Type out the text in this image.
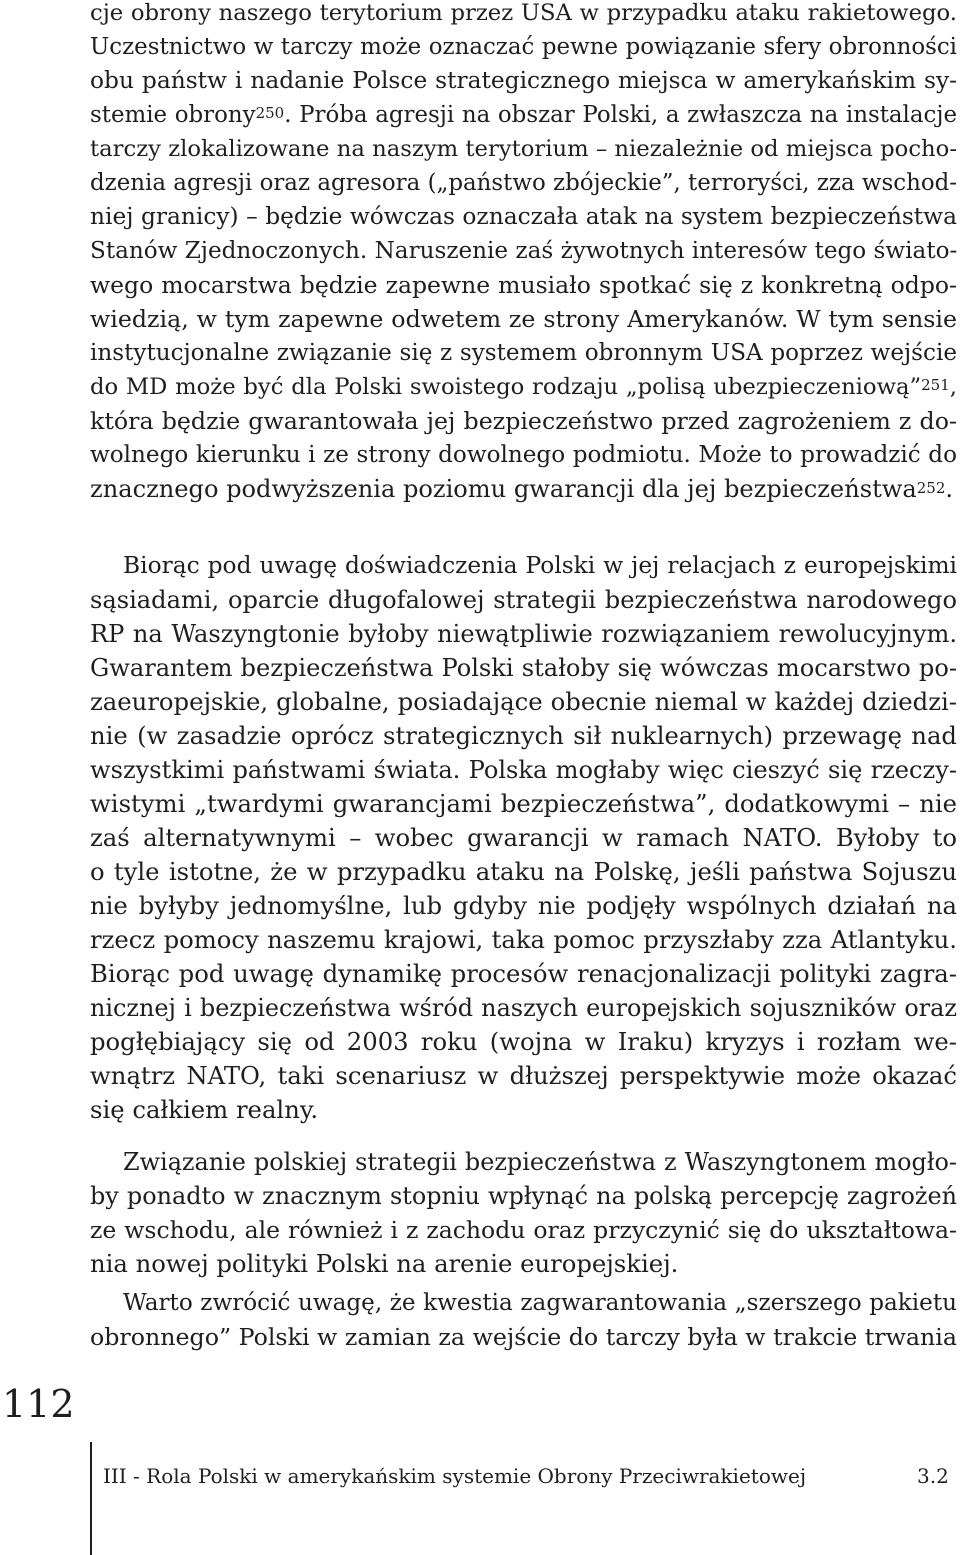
cje obrony naszego terytorium przez USA w przypadku ataku rakietowego.
Uczestnictwo w tarczy może oznaczać pewne powiązanie sfery obronności
obu państw i nadanie Polsce strategicznego miejsca w amerykańskim sy-
stemie obrony$^{250}$. Próba agresji na obszar Polski, a zwłaszcza na instalacje
tarczy zlokalizowane na naszym terytorium – niezależnie od miejsca pocho-
dzenia agresji oraz agresora („państwo zbójeckie”, terroryści, zza wschod-
niej granicy) – będzie wówczas oznaczała atak na system bezpieczeństwa
Stanów Zjednoczonych. Naruszenie zaś żywotnych interesów tego świato-
wego mocarstwa będzie zapewne musiało spotkać się z konkretną odpo-
wiedzią, w tym zapewne odwetem ze strony Amerykanów. W tym sensie
instytucjonalne związanie się z systemem obronnym USA poprzez wejście
do MD może być dla Polski swoistego rodzaju „polisą ubezpieczeniową”$^{251}$,
która będzie gwarantowała jej bezpieczeństwo przed zagrożeniem z do-
wolnego kierunku i ze strony dowolnego podmiotu. Może to prowadzić do
znacznego podwyższenia poziomu gwarancji dla jej bezpieczeństwa$^{252}$.
Biorąc pod uwagę doświadczenia Polski w jej relacjach z europejskimi
sąsiadami, oparcie długofalowej strategii bezpieczeństwa narodowego
RP na Waszyngtonie byłoby niewątpliwie rozwiązaniem rewolucyjnym.
Gwarantem bezpieczeństwa Polski stałoby się wówczas mocarstwo po-
zaeuropejskie, globalne, posiadające obecnie niemal w każdej dziedzi-
nie (w zasadzie oprócz strategicznych sił nuklearnych) przewagę nad
wszystkimi państwami świata. Polska mogłaby więc cieszyć się rzeczy-
wistymi „twardymi gwarancjami bezpieczeństwa”, dodatkowymi – nie
zaś alternatywnymi – wobec gwarancji w ramach NATO. Byłoby to
o tyle istotne, że w przypadku ataku na Polskę, jeśli państwa Sojuszu
nie byłyby jednomyślne, lub gdyby nie podjęły wspólnych działań na
rzecz pomocy naszemu krajowi, taka pomoc przyszłaby zza Atlantyku.
Biorąc pod uwagę dynamikę procesów renacjonalizacji polityki zagra-
nicznej i bezpieczeństwa wśród naszych europejskich sojuszników oraz
pogłębiający się od 2003 roku (wojna w Iraku) kryzys i rozłam we-
wnątrz NATO, taki scenariusz w dłuższej perspektywie może okazać
się całkiem realny.
Związanie polskiej strategii bezpieczeństwa z Waszyngtonem mogło-
by ponadto w znacznym stopniu wpłynąć na polską percepcję zagrożeń
ze wschodu, ale również i z zachodu oraz przyczynić się do ukształtowa-
nia nowej polityki Polski na arenie europejskiej.
Warto zwrócić uwagę, że kwestia zagwarantowania „szerszego pakietu
obronnego” Polski w zamian za wejście do tarczy była w trakcie trwania
112
III - Rola Polski w amerykańskim systemie Obrony Przeciwrakietowej	3.2
